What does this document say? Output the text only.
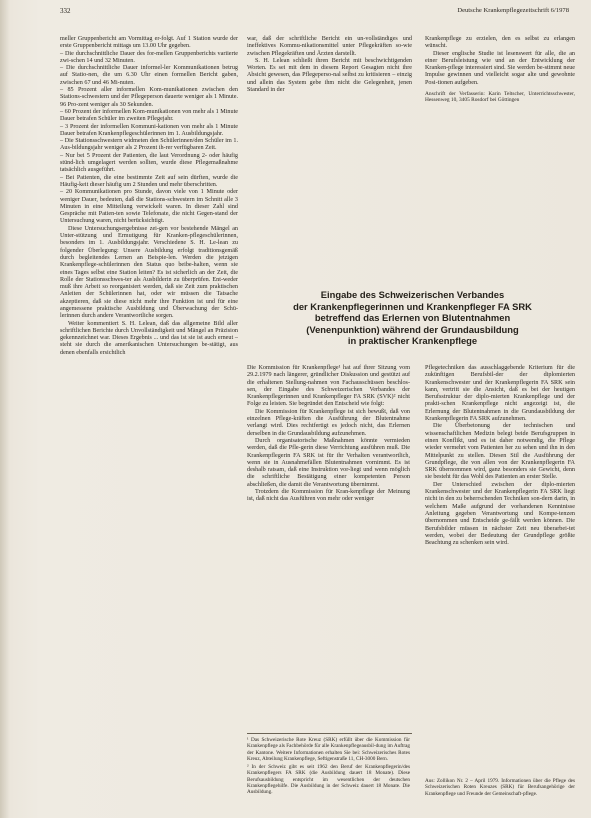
332	Deutsche Krankenpflegezeitschrift 6/1978

meller Gruppenbericht am Vormittag er-folgt. Auf 1 Station wurde der erste Gruppenbericht mittags um 13.00 Uhr gegeben.

– Die durchschnittliche Dauer des for-mellen Gruppenberichts variierte zwi-schen 14 und 32 Minuten.

– Die durchschnittliche Dauer informel-ler Kommunikationen betrug auf Statio-nen, die um 6.30 Uhr einen formellen Bericht gaben, zwischen 67 und 46 Mi-nuten.

– 85 Prozent aller informellen Kom-munikationen zwischen den Stations-schwestern und der Pflegeperson dauerte weniger als 1 Minute. 96 Pro-zent weniger als 30 Sekunden.

– 60 Prozent der informellen Kom-munikationen von mehr als 1 Minute Dauer betrafen Schüler im zweiten Pflegejahr.

– 3 Prozent der informellen Kommuni-kationen von mehr als 1 Minute Dauer betrafen Krankenpflegeschülerinnen im 1. Ausbildungsjahr.

– Die Stationsschwestern widmeten den Schülerinnen/den Schüler im 1. Aus-bildungsjahr weniger als 2 Prozent ih-rer verfügbaren Zeit.

– Nur bei 5 Prozent der Patienten, die laut Verordnung 2- oder häufig stünd-lich umgelagert werden sollten, wurde diese Pflegemaßnahme tatsächlich ausgeführt.

– Bei Patienten, die eine bestimmte Zeit auf sein dürften, wurde die Häufig-keit dieser häufig um 2 Stunden und mehr überschritten.

– 20 Kommunikationen pro Stunde, davon viele von 1 Minute oder weniger Dauer, bedeuten, daß die Stations-schwestern im Schnitt alle 3 Minuten in eine Mitteilung verwickelt waren. In dieser Zahl sind Gespräche mit Patien-ten sowie Telefonate, die nicht Gegen-stand der Untersuchung waren, nicht berücksichtigt.

Diese Untersuchungsergebnisse zei-gen vor bestehende Mängel an Unter-stützung und Ermutigung für Kranken-pflegeschülerinnen, besonders im 1. Ausbildungsjahr. Verschiedene S. H. Le-lean zu folgender Überlegung: Unsere Ausbildung erfolgt traditionsgemäß durch begleitendes Lernen an Beispie-len. Werden die jetzigen Krankenpflege-schülerinnen den Status quo beibe-halten, wenn sie eines Tages selbst eine Station leiten? Es ist sicherlich an der Zeit, die Rolle der Stationsschwes-ter als Ausbilderin zu überprüfen. Ent-weder muß ihre Arbeit so reorganisiert werden, daß sie Zeit zum praktischen Anleiten der Schülerinnen hat, oder wir müssen die Tatsache akzeptieren, daß sie diese nicht mehr ihre Funktion ist und für eine angemessene praktische Ausbildung und Überwachung der Schü-lerinnen durch andere Verantwortliche sorgen.

Weiter kommentiert S. H. Lelean, daß das allgemeine Bild aller schriftlichen Berichte durch Unvollständigkeit und Mängel an Präzision gekennzeichnet war. Dieses Ergebnis ... und das ist sie ist auch erneut – steht sie durch die amerikanischen Untersuchungen be-stätigt, aus denen ebenfalls ersichtlich

war, daß der schriftliche Bericht ein un-vollständiges und ineffektives Kommu-nikationsmittel unter Pflegekräften so-wie zwischen Pflegekräften und Ärzten darstellt.

S. H. Lelean schließt ihren Bericht mit beschwichtigenden Worten. Es sei mit dem in diesem Report Gesagten nicht ihre Absicht gewesen, das Pflegeperso-nal selbst zu kritisieren – einzig und allein das System gebe ihm nicht die Gelegenheit, jenen Standard in der

Krankenpflege zu erzielen, den es selbst zu erlangen wünscht.

Dieser englische Studie ist lesenswert für alle, die an einer Berufsleistung wie und an der Entwicklung der Kranken-pflege interessiert sind. Sie werden be-stimmt neue Impulse gewinnen und vielleicht sogar alte und gewohnte Posi-tionen aufgeben.

Anschrift der Verfasserin: Karin Teltscher, Unterrichtsschwester, Hessenweg 10, 3405 Rosdorf bei Göttingen

Eingabe des Schweizerischen Verbandes
der Krankenpflegerinnen und Krankenpfleger FA SRK
betreffend das Erlernen von Blutentnahmen
(Venenpunktion) während der Grundausbildung
in praktischer Krankenpflege

Die Kommission für Krankenpflege¹ hat auf ihrer Sitzung vom 29.2.1979 nach längerer, gründlicher Diskussion und gestützt auf die erhaltenen Stellung-nahmen von Fachausschüssen beschlos-sen, der Eingabe des Schweizerischen Verbandes der Krankenpflegerinnen und Krankenpfleger FA SRK (SVK)² nicht Folge zu leisten. Sie begründet den Entscheid wie folgt:

Die Kommission für Krankenpflege ist sich bewußt, daß von einzelnen Pflege-kräften die Ausführung der Blutentnahme verlangt wird. Dies rechtfertigt es jedoch nicht, das Erlernen derselben in die Grundausbildung aufzunehmen.

Durch organisatorische Maßnahmen könnte vermieden werden, daß die Pfle-gerin diese Verrichtung ausführen muß. Die Krankenpflegerin FA SRK ist für ihr Verhalten verantwortlich, wenn sie in Ausnahmefällen Blutentnahmen vornimmt. Es ist deshalb ratsam, daß eine Instruktion vor-liegt und wenn möglich die schriftliche Bestätigung einer kompetenten Person abschließen, die damit die Verantwortung übernimmt.

Trotzdem die Kommission für Kran-kenpflege der Meinung ist, daß nicht das Ausführen von mehr oder weniger

¹ Das Schweizerische Rote Kreuz (SRK) erfüllt über die Kommission für Krankenpflege als Fachbehörde für alle Krankenpflegeausbil-dung im Auftrag der Kantone. Weitere Informationen erhalten Sie bei: Schweizerisches Rotes Kreuz, Abteilung Krankenpflege, Seftigenstraße 11, CH-3000 Bern.

² In der Schweiz gibt es seit 1962 den Beruf der Krankenpflegerin/des Krankenpflegers FA SRK (die Ausbildung dauert 18 Monate). Diese Berufsausbildung entspricht im wesentlichen der deutschen Krankenpflegehilfe. Die Ausbildung in der Schweiz dauert 18 Monate. Die Ausbildung.

Pflegetechniken das ausschlaggebende Kriterium für die zukünftigen Berufsbil-der der diplomierten Krankenschwester und der Krankenpflegerin FA SRK sein kann, vertritt sie die Ansicht, daß es bei der heutigen Berufsstruktur der diplo-mierten Krankenpflege und der prakti-schen Krankenpflege nicht angezeigt ist, die Erlernung der Blutentnahmen in die Grundausbildung der Krankenpflegerin FA SRK aufzunehmen.

Die Überbetonung der technischen und wissenschaftlichen Medizin belegt beide Berufsgruppen in einen Konflikt, und es ist daher notwendig, die Pflege wieder vermehrt vom Patienten her zu sehen und ihn in den Mittelpunkt zu stellen. Diesen Stil die Ausführung der Grundpflege, die von allen von der Krankenpflegerin FA SRK übernommen wird, ganz besonders sie Gewicht, denn sie besteht für das Wohl des Patienten an erster Stelle.

Der Unterschied zwischen der diplo-mierten Krankenschwester und der Krankenpflegerin FA SRK liegt nicht in den zu beherrschenden Techniken son-dern darin, in welchem Maße aufgrund der vorhandenen Kenntnisse Anleitung gegeben Verantwortung und Kompe-tenzen übernommen und Entscheide ge-fällt werden können. Die Berufsbilder müssen in nächster Zeit neu überarbei-tet werden, wobei der Bedeutung der Grundpflege größte Beachtung zu schenken sein wird.

Aus: Zollikon Nr. 2 – April 1979. Informationen über die Pflege des Schweizerischen Roten Kreuzes (SRK) für Berufsangehörige der Krankenpflege und Freunde der Gemeinschaft-pflege.
